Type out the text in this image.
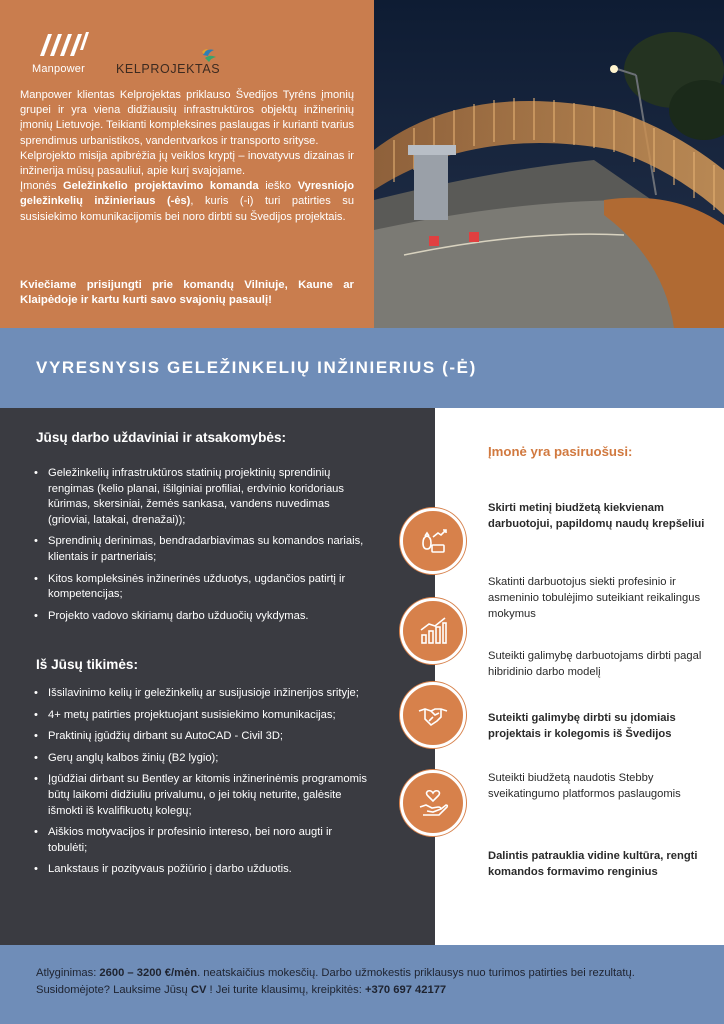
Manpower KELPROJEKTAS

Manpower klientas Kelprojektas priklauso Švedijos Tyréns įmonių grupei ir yra viena didžiausių infrastruktūros objektų inžinerinių įmonių Lietuvoje. Teikianti kompleksines paslaugas ir kurianti tvarius sprendimus urbanistikos, vandentvarkos ir transporto srityse.

Kelprojekto misija apibrėžia jų veiklos kryptį – inovatyvus dizainas ir inžinerija mūsų pasauliui, apie kurį svajojame.

Įmonės Geležinkelio projektavimo komanda ieško Vyresniojo geležinkelių inžinieriaus (-ės), kuris (-i) turi patirties su susisiekimo komunikacijomis bei noro dirbti su Švedijos projektais.

Kviečiame prisijungti prie komandų Vilniuje, Kaune ar Klaipėdoje ir kartu kurti savo svajonių pasaulį!
VYRESNYSIS GELEŽINKELIŲ INŽINIERIUS (-Ė)
Jūsų darbo uždaviniai ir atsakomybės:
• Geležinkelių infrastruktūros statinių projektinių sprendinių rengimas (kelio planai, išilginiai profiliai, erdvinio koridoriaus kūrimas, skersiniai, žemės sankasa, vandens nuvedimas (grioviai, latakai, drenažai));
• Sprendinių derinimas, bendradarbiavimas su komandos nariais, klientais ir partneriais;
• Kitos kompleksinės inžinerinės užduotys, ugdančios patirtį ir kompetencijas;
• Projekto vadovo skiriamų darbo užduočių vykdymas.
Iš Jūsų tikimės:
• Išsilavinimo kelių ir geležinkelių ar susijusioje inžinerijos srityje;
• 4+ metų patirties projektuojant susisiekimo komunikacijas;
• Praktinių įgūdžių dirbant su AutoCAD - Civil 3D;
• Gerų anglų kalbos žinių (B2 lygio);
• Įgūdžiai dirbant su Bentley ar kitomis inžinerinėmis programomis būtų laikomi didžiuliu privalumu, o jei tokių neturite, galėsite išmokti iš kvalifikuotų kolegų;
• Aiškios motyvacijos ir profesinio intereso, bei noro augti ir tobulėti;
• Lankstaus ir pozityvaus požiūrio į darbo užduotis.
Įmonė yra pasiruošusi:
Skirti metinį biudžetą kiekvienam darbuotojui, papildomų naudų krepšeliui
Skatinti darbuotojus siekti profesinio ir asmeninio tobulėjimo suteikiant reikalingus mokymus
Suteikti galimybę darbuotojams dirbti pagal hibridinio darbo modelį
Suteikti galimybę dirbti su įdomiais projektais ir kolegomis iš Švedijos
Suteikti biudžetą naudotis Stebby sveikatingumo platformos paslaugomis
Dalintis patrauklia vidine kultūra, rengti komandos formavimo renginius

Atlyginimas: 2600 – 3200 €/mėn. neatskaičius mokesčių. Darbo užmokestis priklausys nuo turimos patirties bei rezultatų.

Susidomėjote? Lauksime Jūsų CV ! Jei turite klausimų, kreipkitės: +370 697 42177
